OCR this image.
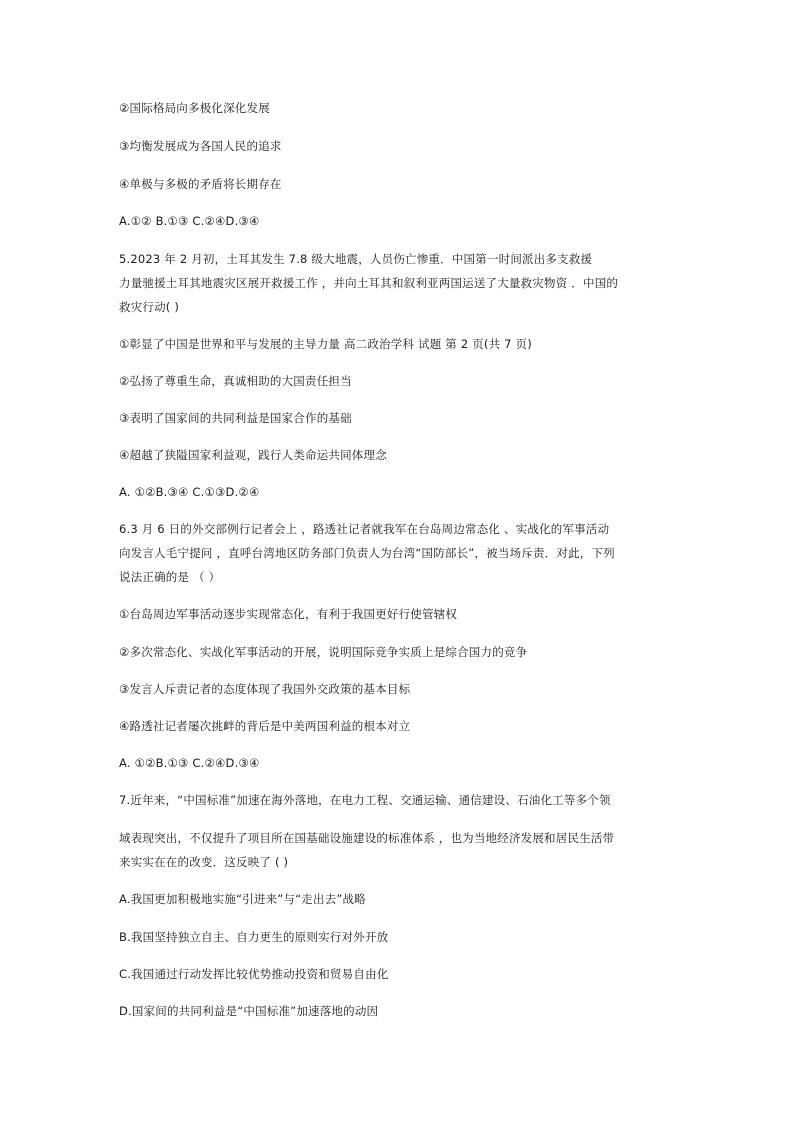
②国际格局向多极化深化发展
③均衡发展成为各国人民的追求
④单极与多极的矛盾将长期存在
A.①② B.①③ C.②④D.③④
5.2023 年 2 月初，土耳其发生 7.8 级大地震，人员伤亡惨重．中国第一时间派出多支救援
力量驰援土耳其地震灾区展开救援工作 ，并向土耳其和叙利亚两国运送了大量救灾物资 ．中国的
救灾行动( )
①彰显了中国是世界和平与发展的主导力量 高二政治学科 试题 第 2 页(共 7 页)
②弘扬了尊重生命，真诚相助的大国责任担当
③表明了国家间的共同利益是国家合作的基础
④超越了狭隘国家利益观，践行人类命运共同体理念
A. ①②B.③④ C.①③D.②④
6.3 月 6 日的外交部例行记者会上 ，路透社记者就我军在台岛周边常态化 、实战化的军事活动
向发言人毛宁提问 ，直呼台湾地区防务部门负责人为台湾“国防部长”，被当场斥责．对此，下列
说法正确的是 （ ）
①台岛周边军事活动逐步实现常态化，有利于我国更好行使管辖权
②多次常态化、实战化军事活动的开展，说明国际竞争实质上是综合国力的竞争
③发言人斥责记者的态度体现了我国外交政策的基本目标
④路透社记者屡次挑衅的背后是中美两国利益的根本对立
A. ①②B.①③ C.②④D.③④
7.近年来，“中国标准”加速在海外落地，在电力工程、交通运输、通信建设、石油化工等多个领
域表现突出，不仅提升了项目所在国基础设施建设的标准体系 ，也为当地经济发展和居民生活带
来实实在在的改变．这反映了 ( )
A.我国更加积极地实施“引进来”与“走出去”战略
B.我国坚持独立自主、自力更生的原则实行对外开放
C.我国通过行动发挥比较优势推动投资和贸易自由化
D.国家间的共同利益是“中国标准”加速落地的动因
